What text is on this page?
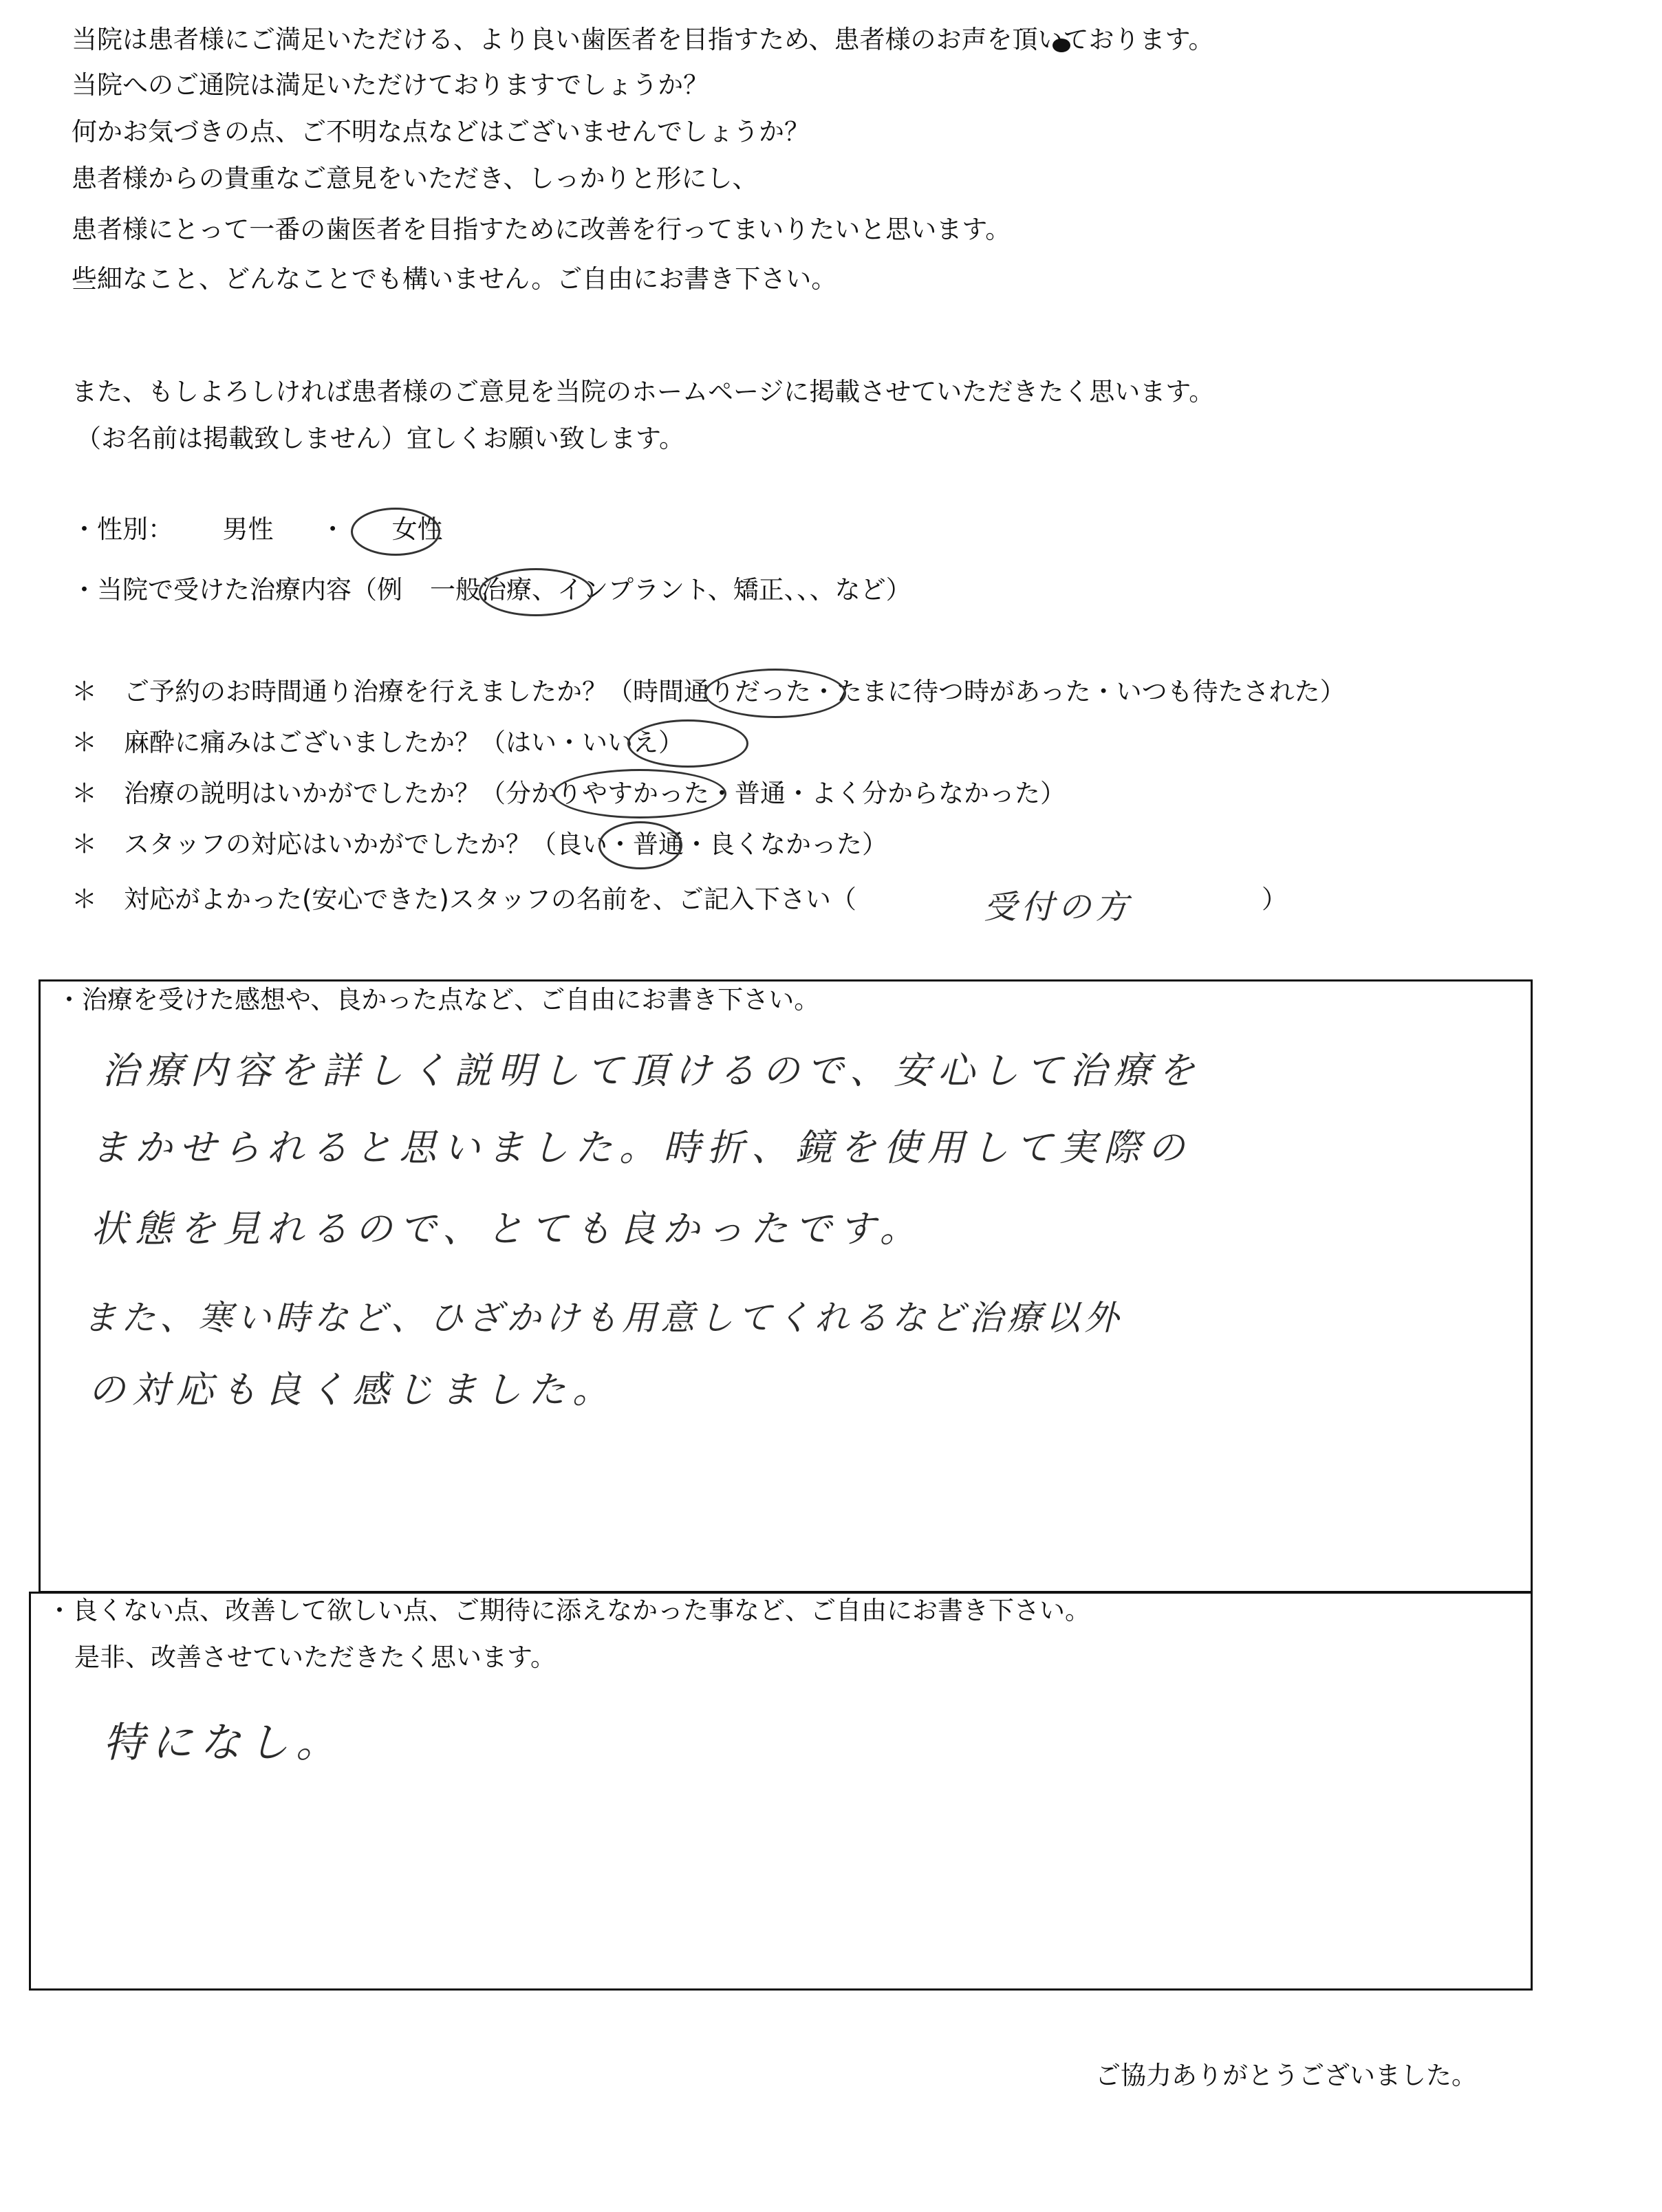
当院は患者様にご満足いただける、より良い歯医者を目指すため、患者様のお声を頂いております。
当院へのご通院は満足いただけておりますでしょうか？
何かお気づきの点、ご不明な点などはございませんでしょうか？
患者様からの貴重なご意見をいただき、しっかりと形にし、
患者様にとって一番の歯医者を目指すために改善を行ってまいりたいと思います。
些細なこと、どんなことでも構いません。ご自由にお書き下さい。
また、もしよろしければ患者様のご意見を当院のホームページに掲載させていただきたく思います。
（お名前は掲載致しません）宜しくお願い致します。
・性別： 男性 ・ 女性
・当院で受けた治療内容（例 一般治療、インプラント、矯正、、、など）
＊ ご予約のお時間通り治療を行えましたか？（時間通りだった・たまに待つ時があった・いつも待たされた）
＊ 麻酔に痛みはございましたか？（はい・いいえ）
＊ 治療の説明はいかがでしたか？（分かりやすかった・普通・よく分からなかった）
＊ スタッフの対応はいかがでしたか？（良い・普通・良くなかった）
＊ 対応がよかった(安心できた)スタッフの名前を、ご記入下さい（	受付の方	）
・治療を受けた感想や、良かった点など、ご自由にお書き下さい。
治療内容を詳しく説明して頂けるので、安心して治療を
まかせられると思いました。時折、鏡を使用して実際の
状態を見れるので、とても良かったです。
また、寒い時など、ひざかけも用意してくれるなど治療以外
の対応も良く感じました。
・良くない点、改善して欲しい点、ご期待に添えなかった事など、ご自由にお書き下さい。
是非、改善させていただきたく思います。
特になし。
ご協力ありがとうございました。
